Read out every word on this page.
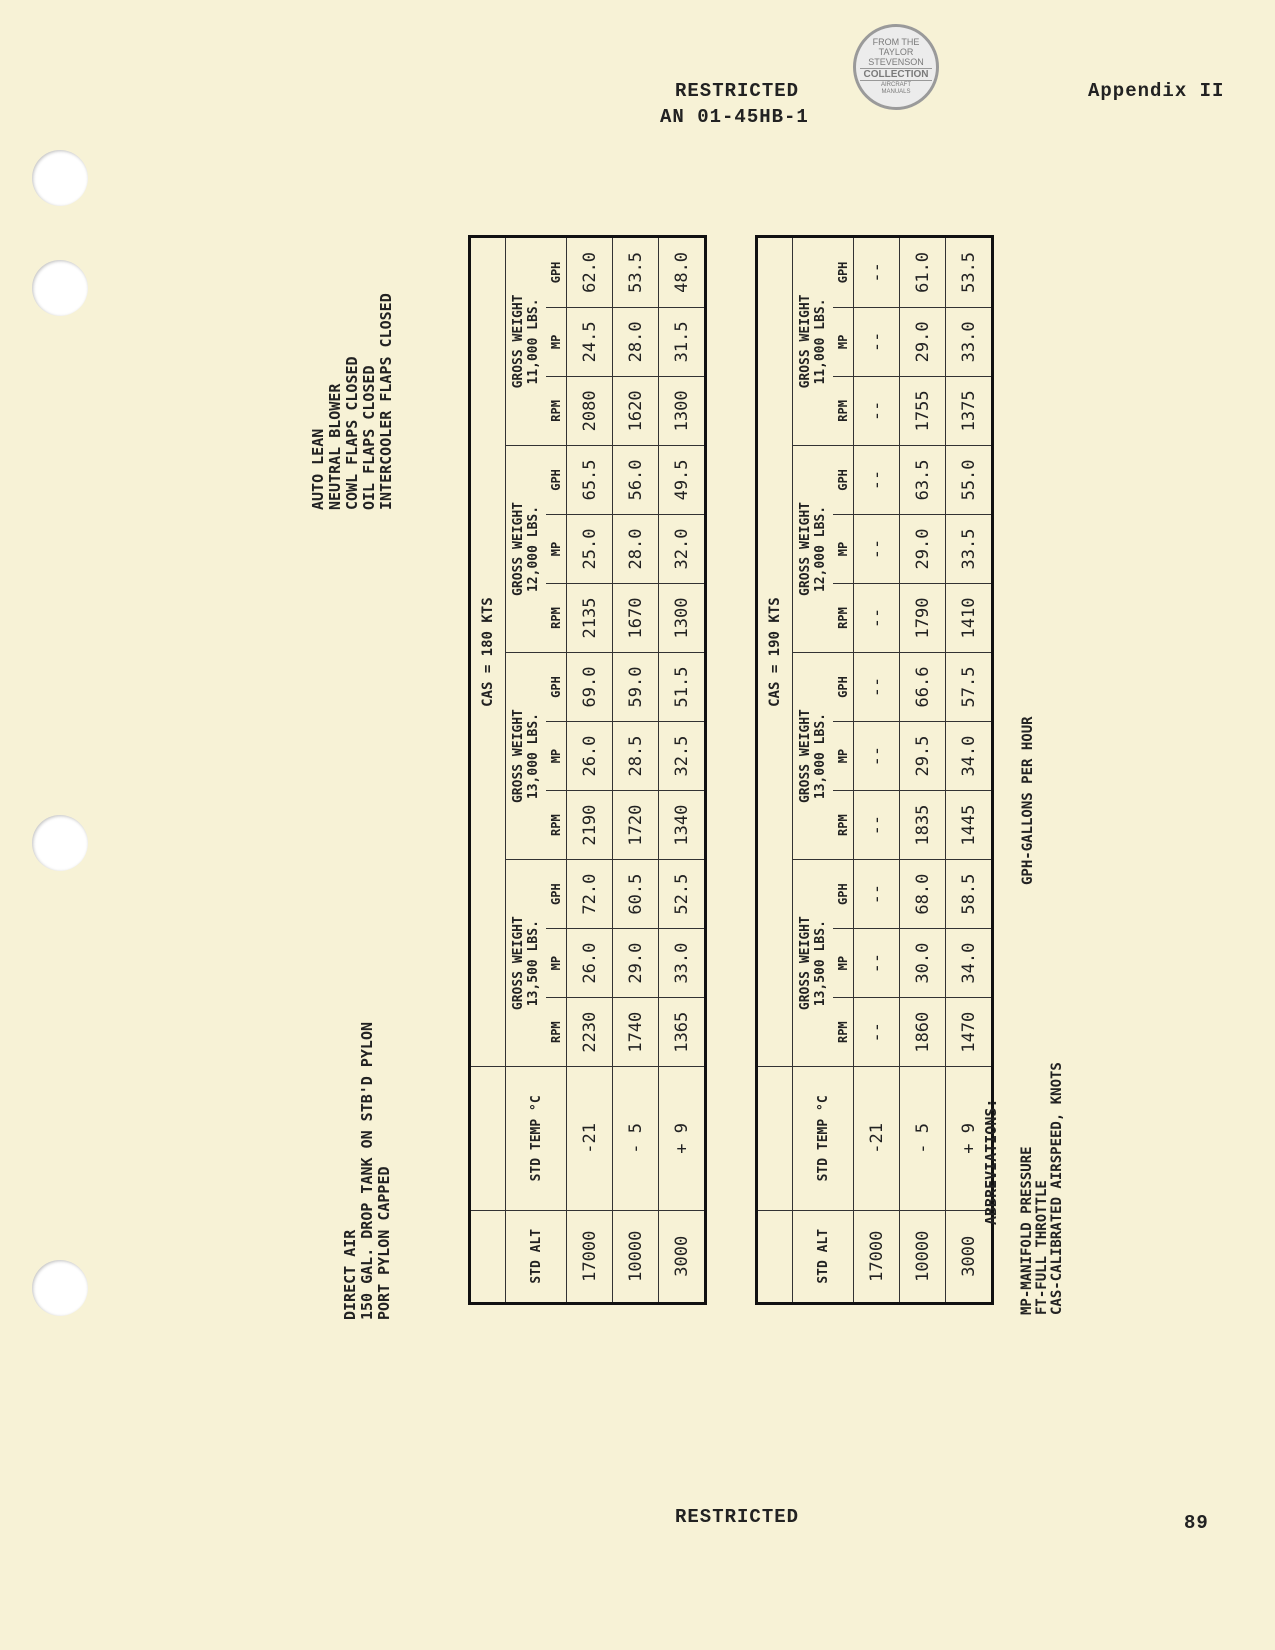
FROM THE
TAYLOR
STEVENSON
COLLECTION
AIRCRAFT
MANUALS
RESTRICTED
AN 01-45HB-1
Appendix II
DIRECT AIR 150 GAL. DROP TANK ON STB'D PYLON PORT PYLON CAPPED
AUTO LEAN NEUTRAL BLOWER COWL FLAPS CLOSED OIL FLAPS CLOSED INTERCOOLER FLAPS CLOSED
		CAS = 180 KTS											
STD ALT	STD TEMP °C	GROSS WEIGHT
13,500 LBS.			GROSS WEIGHT
13,000 LBS.			GROSS WEIGHT
12,000 LBS.			GROSS WEIGHT
11,000 LBS.		
		RPM	MP	GPH	RPM	MP	GPH	RPM	MP	GPH	RPM	MP	GPH
17000	-21	2230	26.0	72.0	2190	26.0	69.0	2135	25.0	65.5	2080	24.5	62.0
10000	- 5	1740	29.0	60.5	1720	28.5	59.0	1670	28.0	56.0	1620	28.0	53.5
3000	+ 9	1365	33.0	52.5	1340	32.5	51.5	1300	32.0	49.5	1300	31.5	48.0
		CAS = 190 KTS											
STD ALT	STD TEMP °C	GROSS WEIGHT
13,500 LBS.			GROSS WEIGHT
13,000 LBS.			GROSS WEIGHT
12,000 LBS.			GROSS WEIGHT
11,000 LBS.		
		RPM	MP	GPH	RPM	MP	GPH	RPM	MP	GPH	RPM	MP	GPH
17000	-21	--	--	--	--	--	--	--	--	--	--	--	--
10000	- 5	1860	30.0	68.0	1835	29.5	66.6	1790	29.0	63.5	1755	29.0	61.0
3000	+ 9	1470	34.0	58.5	1445	34.0	57.5	1410	33.5	55.0	1375	33.0	53.5
ABBREVIATIONS: MP-MANIFOLD PRESSURE FT-FULL THROTTLE CAS-CALIBRATED AIRSPEED, KNOTS
GPH-GALLONS PER HOUR
RESTRICTED	89
